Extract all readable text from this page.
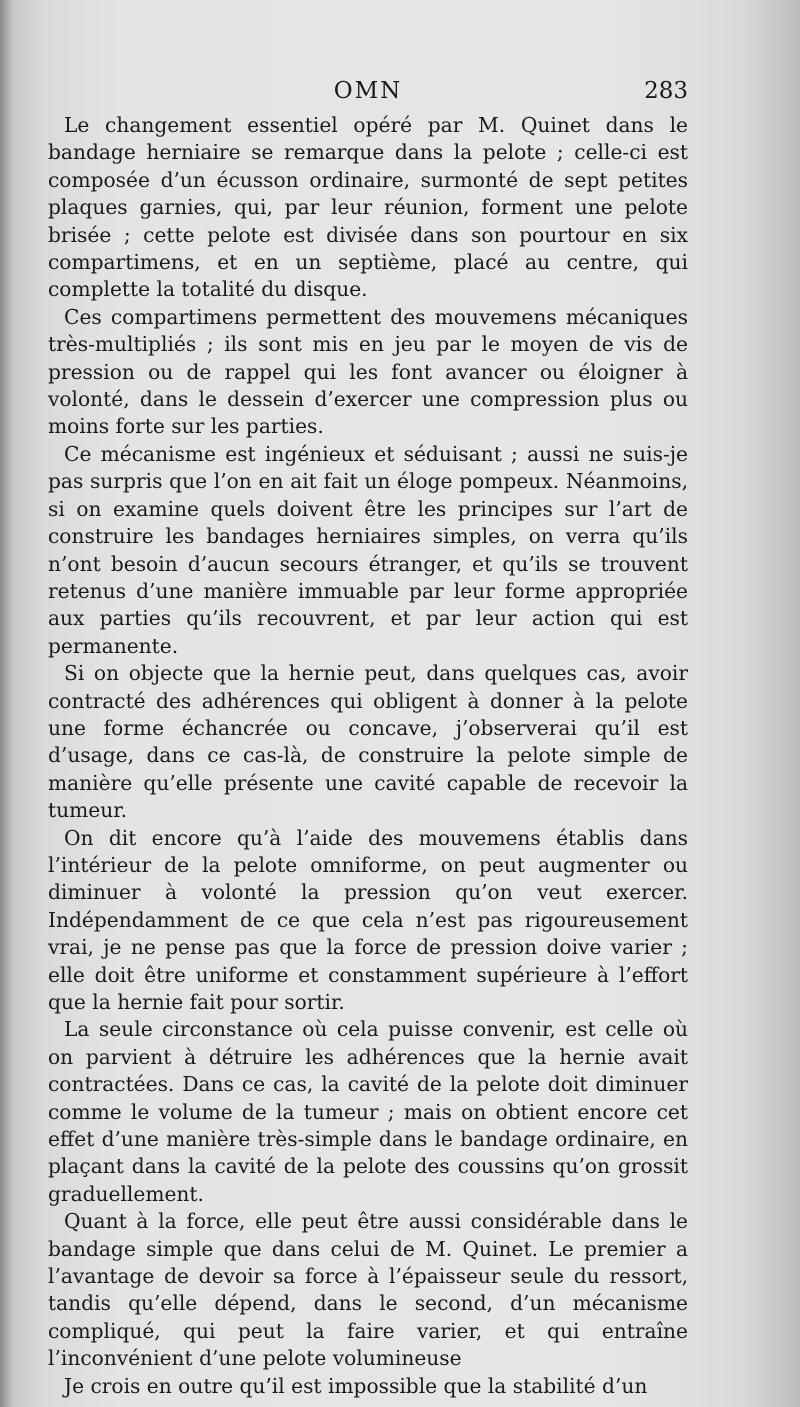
OMN	283

Le changement essentiel opéré par M. Quinet dans le bandage herniaire se remarque dans la pelote ; celle-ci est composée d’un écusson ordinaire, surmonté de sept petites plaques garnies, qui, par leur réunion, forment une pelote brisée ; cette pelote est divisée dans son pourtour en six compartimens, et en un septième, placé au centre, qui complette la totalité du disque.

Ces compartimens permettent des mouvemens mécaniques très-multipliés ; ils sont mis en jeu par le moyen de vis de pression ou de rappel qui les font avancer ou éloigner à volonté, dans le dessein d’exercer une compression plus ou moins forte sur les parties.

Ce mécanisme est ingénieux et séduisant ; aussi ne suis-je pas surpris que l’on en ait fait un éloge pompeux. Néanmoins, si on examine quels doivent être les principes sur l’art de construire les bandages herniaires simples, on verra qu’ils n’ont besoin d’aucun secours étranger, et qu’ils se trouvent retenus d’une manière immuable par leur forme appropriée aux parties qu’ils recouvrent, et par leur action qui est permanente.

Si on objecte que la hernie peut, dans quelques cas, avoir contracté des adhérences qui obligent à donner à la pelote une forme échancrée ou concave, j’observerai qu’il est d’usage, dans ce cas-là, de construire la pelote simple de manière qu’elle présente une cavité capable de recevoir la tumeur.

On dit encore qu’à l’aide des mouvemens établis dans l’intérieur de la pelote omniforme, on peut augmenter ou diminuer à volonté la pression qu’on veut exercer. Indépendamment de ce que cela n’est pas rigoureusement vrai, je ne pense pas que la force de pression doive varier ; elle doit être uniforme et constamment supérieure à l’effort que la hernie fait pour sortir.

La seule circonstance où cela puisse convenir, est celle où on parvient à détruire les adhérences que la hernie avait contractées. Dans ce cas, la cavité de la pelote doit diminuer comme le volume de la tumeur ; mais on obtient encore cet effet d’une manière très-simple dans le bandage ordinaire, en plaçant dans la cavité de la pelote des coussins qu’on grossit graduellement.

Quant à la force, elle peut être aussi considérable dans le bandage simple que dans celui de M. Quinet. Le premier a l’avantage de devoir sa force à l’épaisseur seule du ressort, tandis qu’elle dépend, dans le second, d’un mécanisme compliqué, qui peut la faire varier, et qui entraîne l’inconvénient d’une pelote volumineuse

Je crois en outre qu’il est impossible que la stabilité d’un
